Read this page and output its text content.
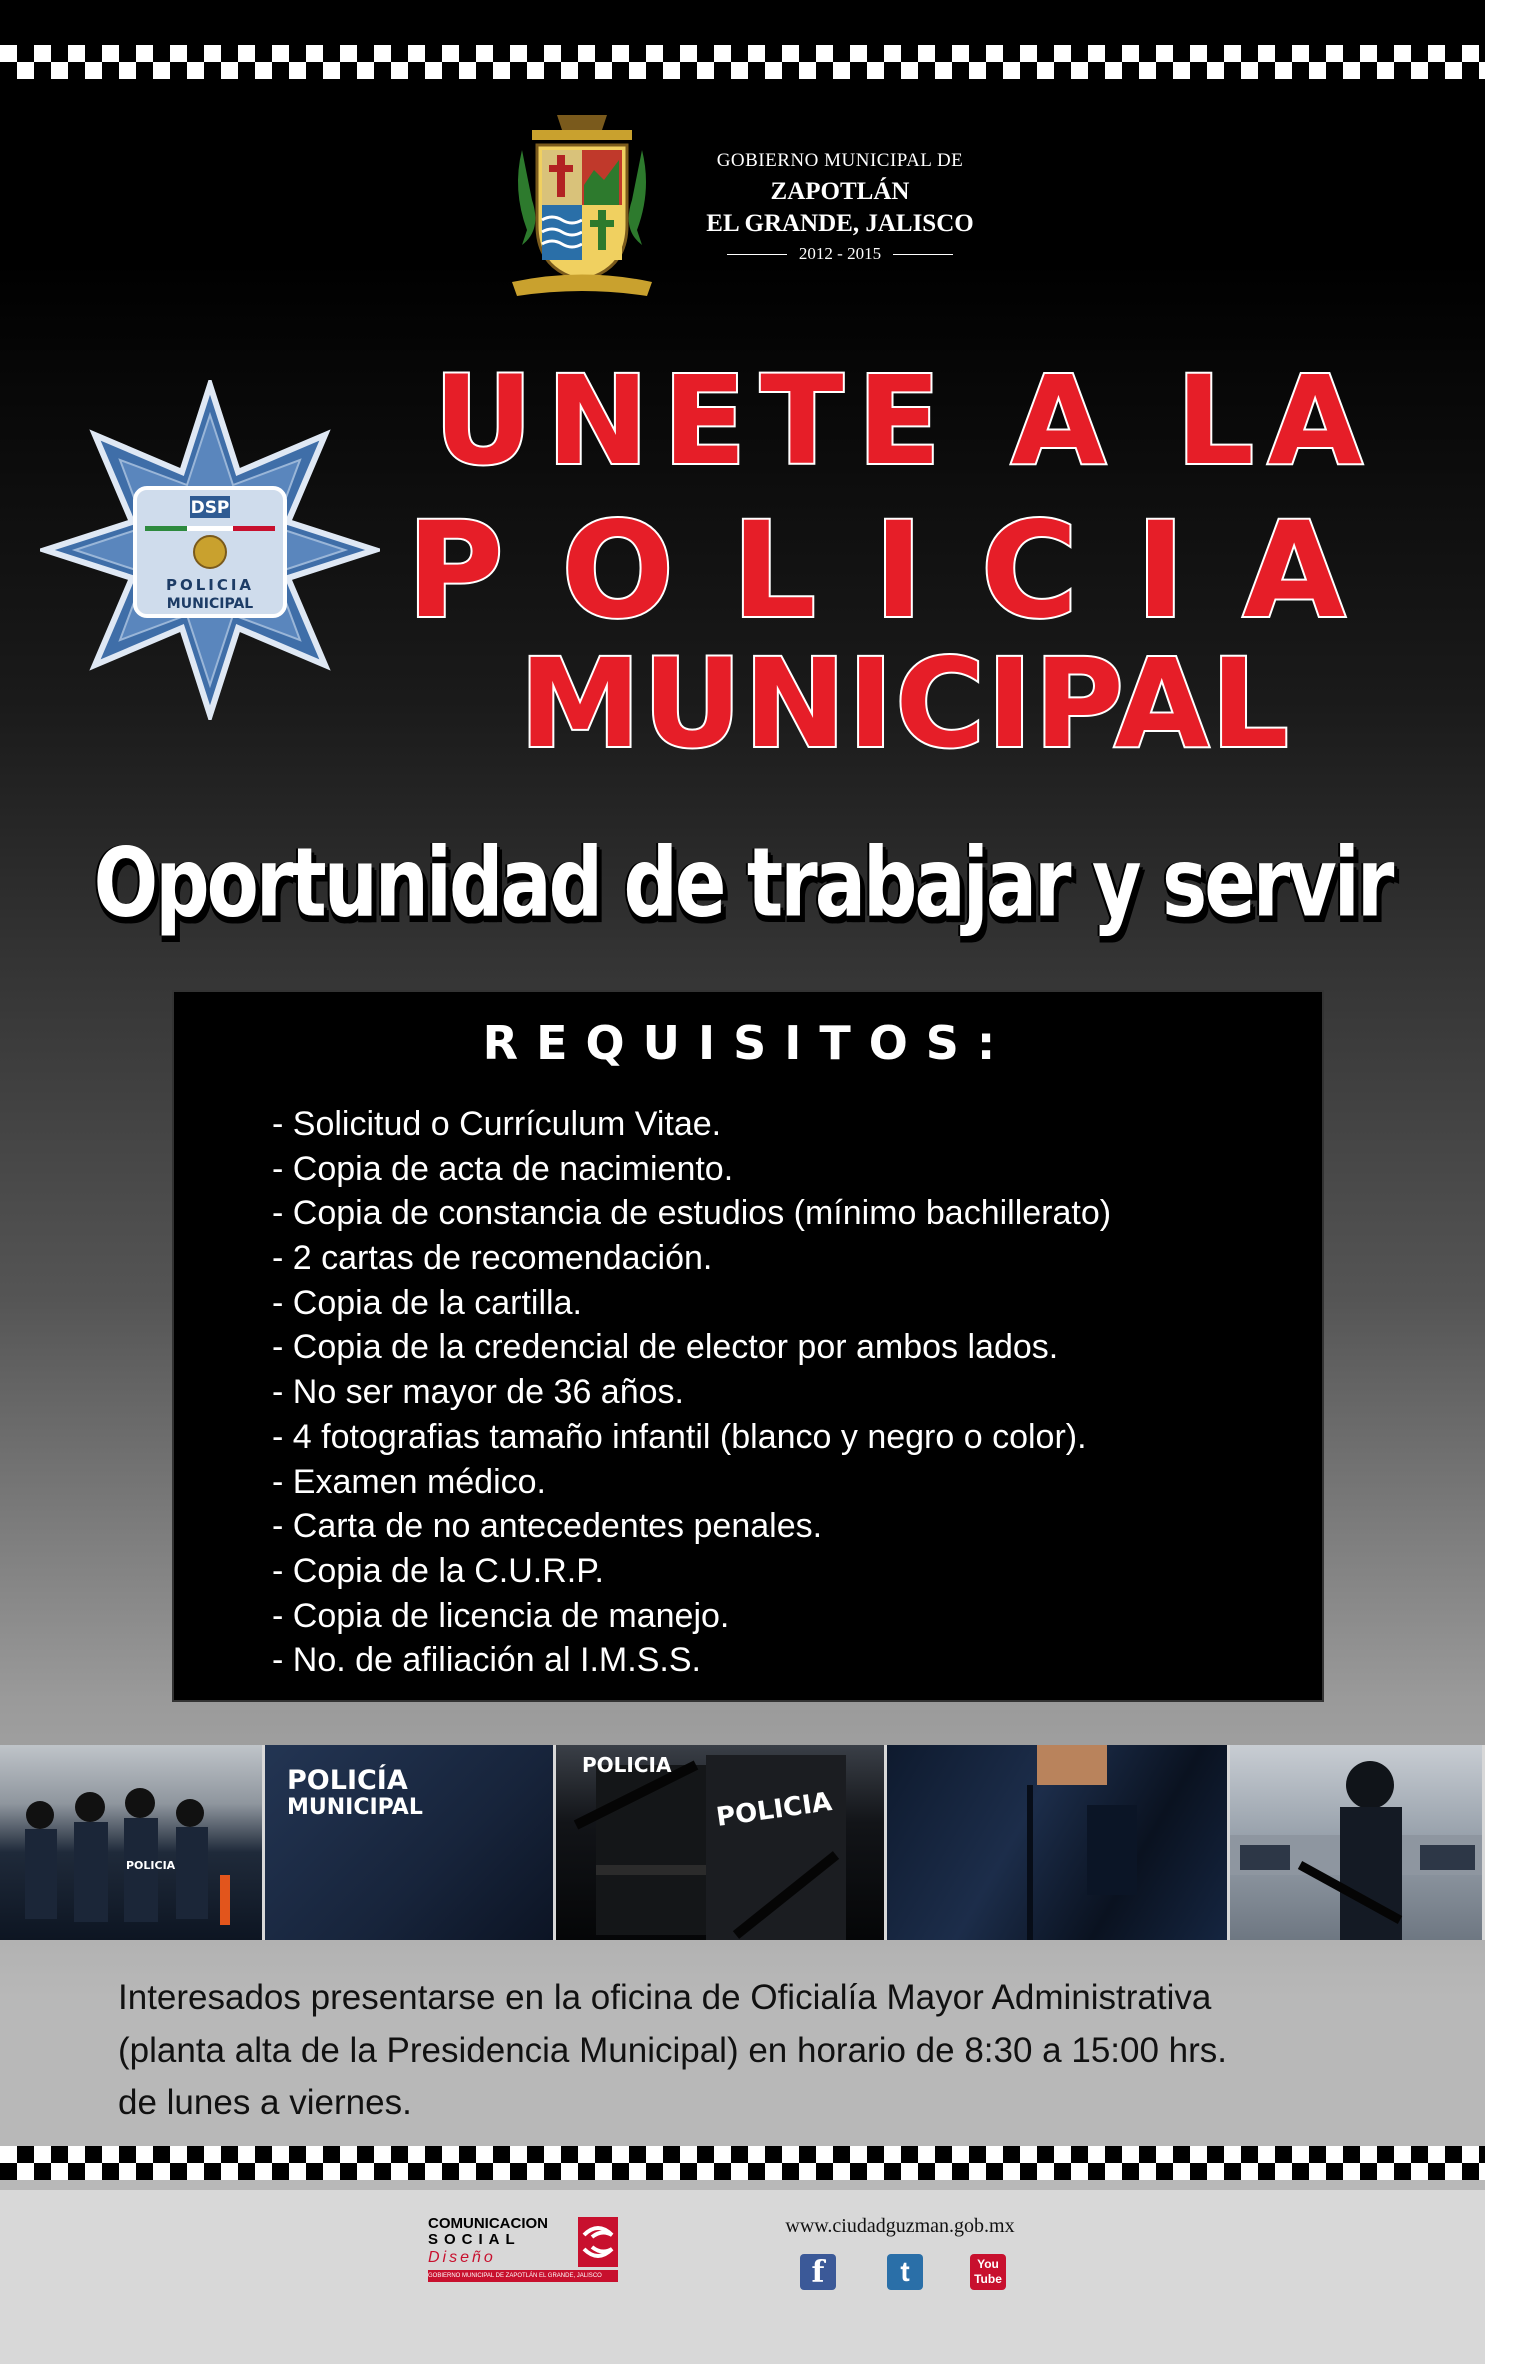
GOBIERNO MUNICIPAL DE
ZAPOTLÁN
EL GRANDE, JALISCO
2012 - 2015
DSP
POLICIA
MUNICIPAL
UNETE A LA
POLICIA
MUNICIPAL
Oportunidad de trabajar y servir
REQUISITOS:
- Solicitud o Currículum Vitae.
- Copia de acta de nacimiento.
- Copia de constancia de estudios (mínimo bachillerato)
- 2 cartas de recomendación.
- Copia de la cartilla.
- Copia de la credencial de elector por ambos lados.
- No ser mayor de 36 años.
- 4 fotografias tamaño infantil (blanco y negro o color).
- Examen médico.
- Carta de no antecedentes penales.
- Copia de la C.U.R.P.
- Copia de licencia de manejo.
- No. de afiliación al I.M.S.S.
POLICIA
POLICÍA
MUNICIPAL
POLICIA
POLICIA
Interesados presentarse en la oficina de Oficialía Mayor Administrativa
(planta alta de la Presidencia Municipal) en horario de 8:30 a 15:00 hrs.
de lunes a viernes.
COMUNICACION
SOCIAL
Diseño
GOBIERNO MUNICIPAL DE ZAPOTLÁN EL GRANDE, JALISCO
www.ciudadguzman.gob.mx
f	t	You
Tube
